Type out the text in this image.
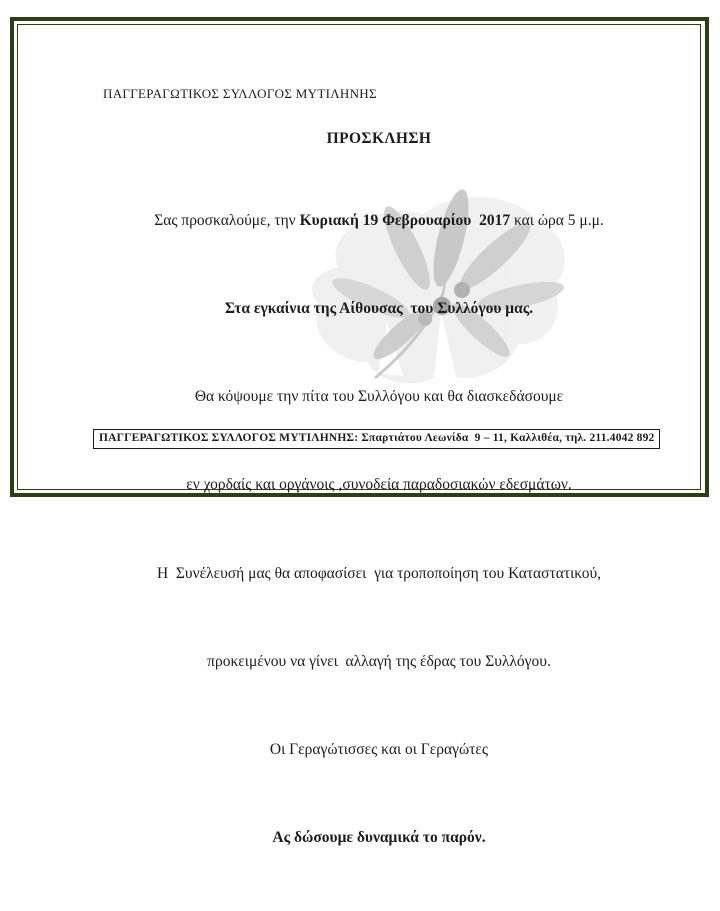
ΠΑΓΓΕΡΑΓΩΤΙΚΟΣ ΣΥΛΛΟΓΟΣ ΜΥΤΙΛΗΝΗΣ
ΠΡΟΣΚΛΗΣΗ

Σας προσκαλούμε, την Κυριακή 19 Φεβρουαρίου  2017 και ώρα 5 μ.μ.

Στα εγκαίνια της Αίθουσας  του Συλλόγου μας.

Θα κόψουμε την πίτα του Συλλόγου και θα διασκεδάσουμε

εν χορδαίς και οργάνοις ,συνοδεία παραδοσιακών εδεσμάτων.

Η  Συνέλευσή μας θα αποφασίσει  για τροποποίηση του Καταστατικού,

προκειμένου να γίνει  αλλαγή της έδρας του Συλλόγου.

Οι Γεραγώτισσες και οι Γεραγώτες

Ας δώσουμε δυναμικά το παρόν.

ΠΑΓΓΕΡΑΓΩΤΙΚΟΣ ΣΥΛΛΟΓΟΣ ΜΥΤΙΛΗΝΗΣ: Σπαρτιάτου Λεωνίδα  9 – 11, Καλλιθέα, τηλ. 211.4042 892
